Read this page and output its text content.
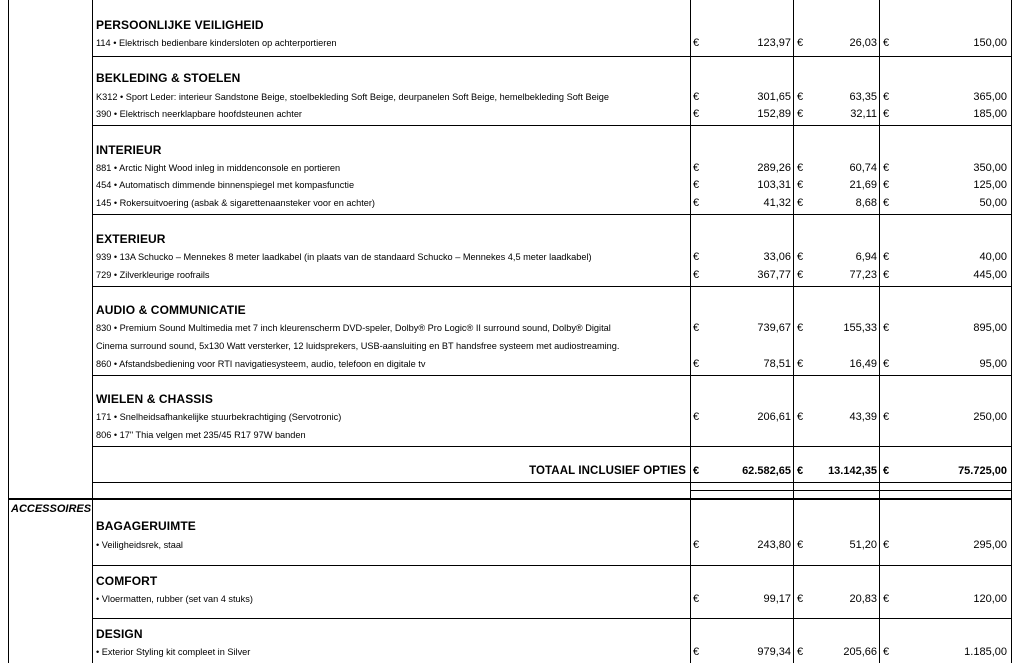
ACCESSOIRES
PERSOONLIJKE VEILIGHEID
114 • Elektrisch bedienbare kindersloten op achterportieren	€	123,97 €	26,03 €	150,00
BEKLEDING & STOELEN
K312 • Sport Leder: interieur Sandstone Beige, stoelbekleding Soft Beige, deurpanelen Soft Beige, hemelbekleding Soft Beige	€	301,65 €	63,35 €	365,00
390 • Elektrisch neerklapbare hoofdsteunen achter	€	152,89 €	32,11 €	185,00
INTERIEUR
881 • Arctic Night Wood inleg in middenconsole en portieren	€	289,26 €	60,74 €	350,00
454 • Automatisch dimmende binnenspiegel met kompasfunctie	€	103,31 €	21,69 €	125,00
145 • Rokersuitvoering (asbak & sigarettenaansteker voor en achter)	€	41,32 €	8,68 €	50,00
EXTERIEUR
939 • 13A Schucko – Mennekes 8 meter laadkabel (in plaats van de standaard Schucko – Mennekes 4,5 meter laadkabel)	€	33,06 €	6,94 €	40,00
729 • Zilverkleurige roofrails	€	367,77 €	77,23 €	445,00
AUDIO & COMMUNICATIE
830 • Premium Sound Multimedia met 7 inch kleurenscherm DVD-speler, Dolby® Pro Logic® II surround sound, Dolby® Digital	€	739,67 €	155,33 €	895,00
Cinema surround sound, 5x130 Watt versterker, 12 luidsprekers, USB-aansluiting en BT handsfree systeem met audiostreaming.
860 • Afstandsbediening voor RTI navigatiesysteem, audio, telefoon en digitale tv	€	78,51 €	16,49 €	95,00
WIELEN & CHASSIS
171 • Snelheidsafhankelijke stuurbekrachtiging (Servotronic)	€	206,61 €	43,39 €	250,00
806 • 17" Thia velgen met 235/45 R17 97W banden
BAGAGERUIMTE
• Veiligheidsrek, staal	€	243,80 €	51,20 €	295,00
COMFORT
• Vloermatten, rubber (set van 4 stuks)	€	99,17 €	20,83 €	120,00
DESIGN
• Exterior Styling kit compleet in Silver	€	979,34 €	205,66 €	1.185,00
TOTAAL INCLUSIEF OPTIES €	62.582,65 € 13.142,35 €	75.725,00
